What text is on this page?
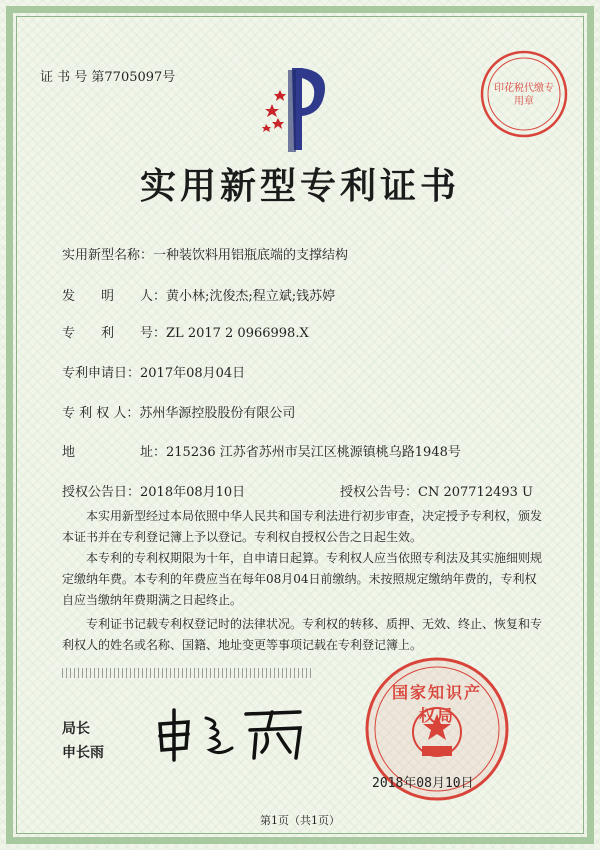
证 书 号 第7705097号
印花税代缴专用章
实用新型专利证书
实用新型名称：一种装饮料用铝瓶底端的支撑结构
发　　明　　人：黄小林;沈俊杰;程立斌;钱苏婷
专　　利　　号：ZL 2017 2 0966998.X
专利申请日：2017年08月04日
专 利 权 人：苏州华源控股股份有限公司
地　　　　　址：215236 江苏省苏州市吴江区桃源镇桃乌路1948号
授权公告日：2018年08月10日	授权公告号：CN 207712493 U
本实用新型经过本局依照中华人民共和国专利法进行初步审查，决定授予专利权，颁发本证书并在专利登记簿上予以登记。专利权自授权公告之日起生效。
本专利的专利权期限为十年，自申请日起算。专利权人应当依照专利法及其实施细则规定缴纳年费。本专利的年费应当在每年08月04日前缴纳。未按照规定缴纳年费的，专利权自应当缴纳年费期满之日起终止。
专利证书记载专利权登记时的法律状况。专利权的转移、质押、无效、终止、恢复和专利权人的姓名或名称、国籍、地址变更等事项记载在专利登记簿上。
局长
申长雨
国家知识产权局
2018年08月10日
第1页（共1页）
